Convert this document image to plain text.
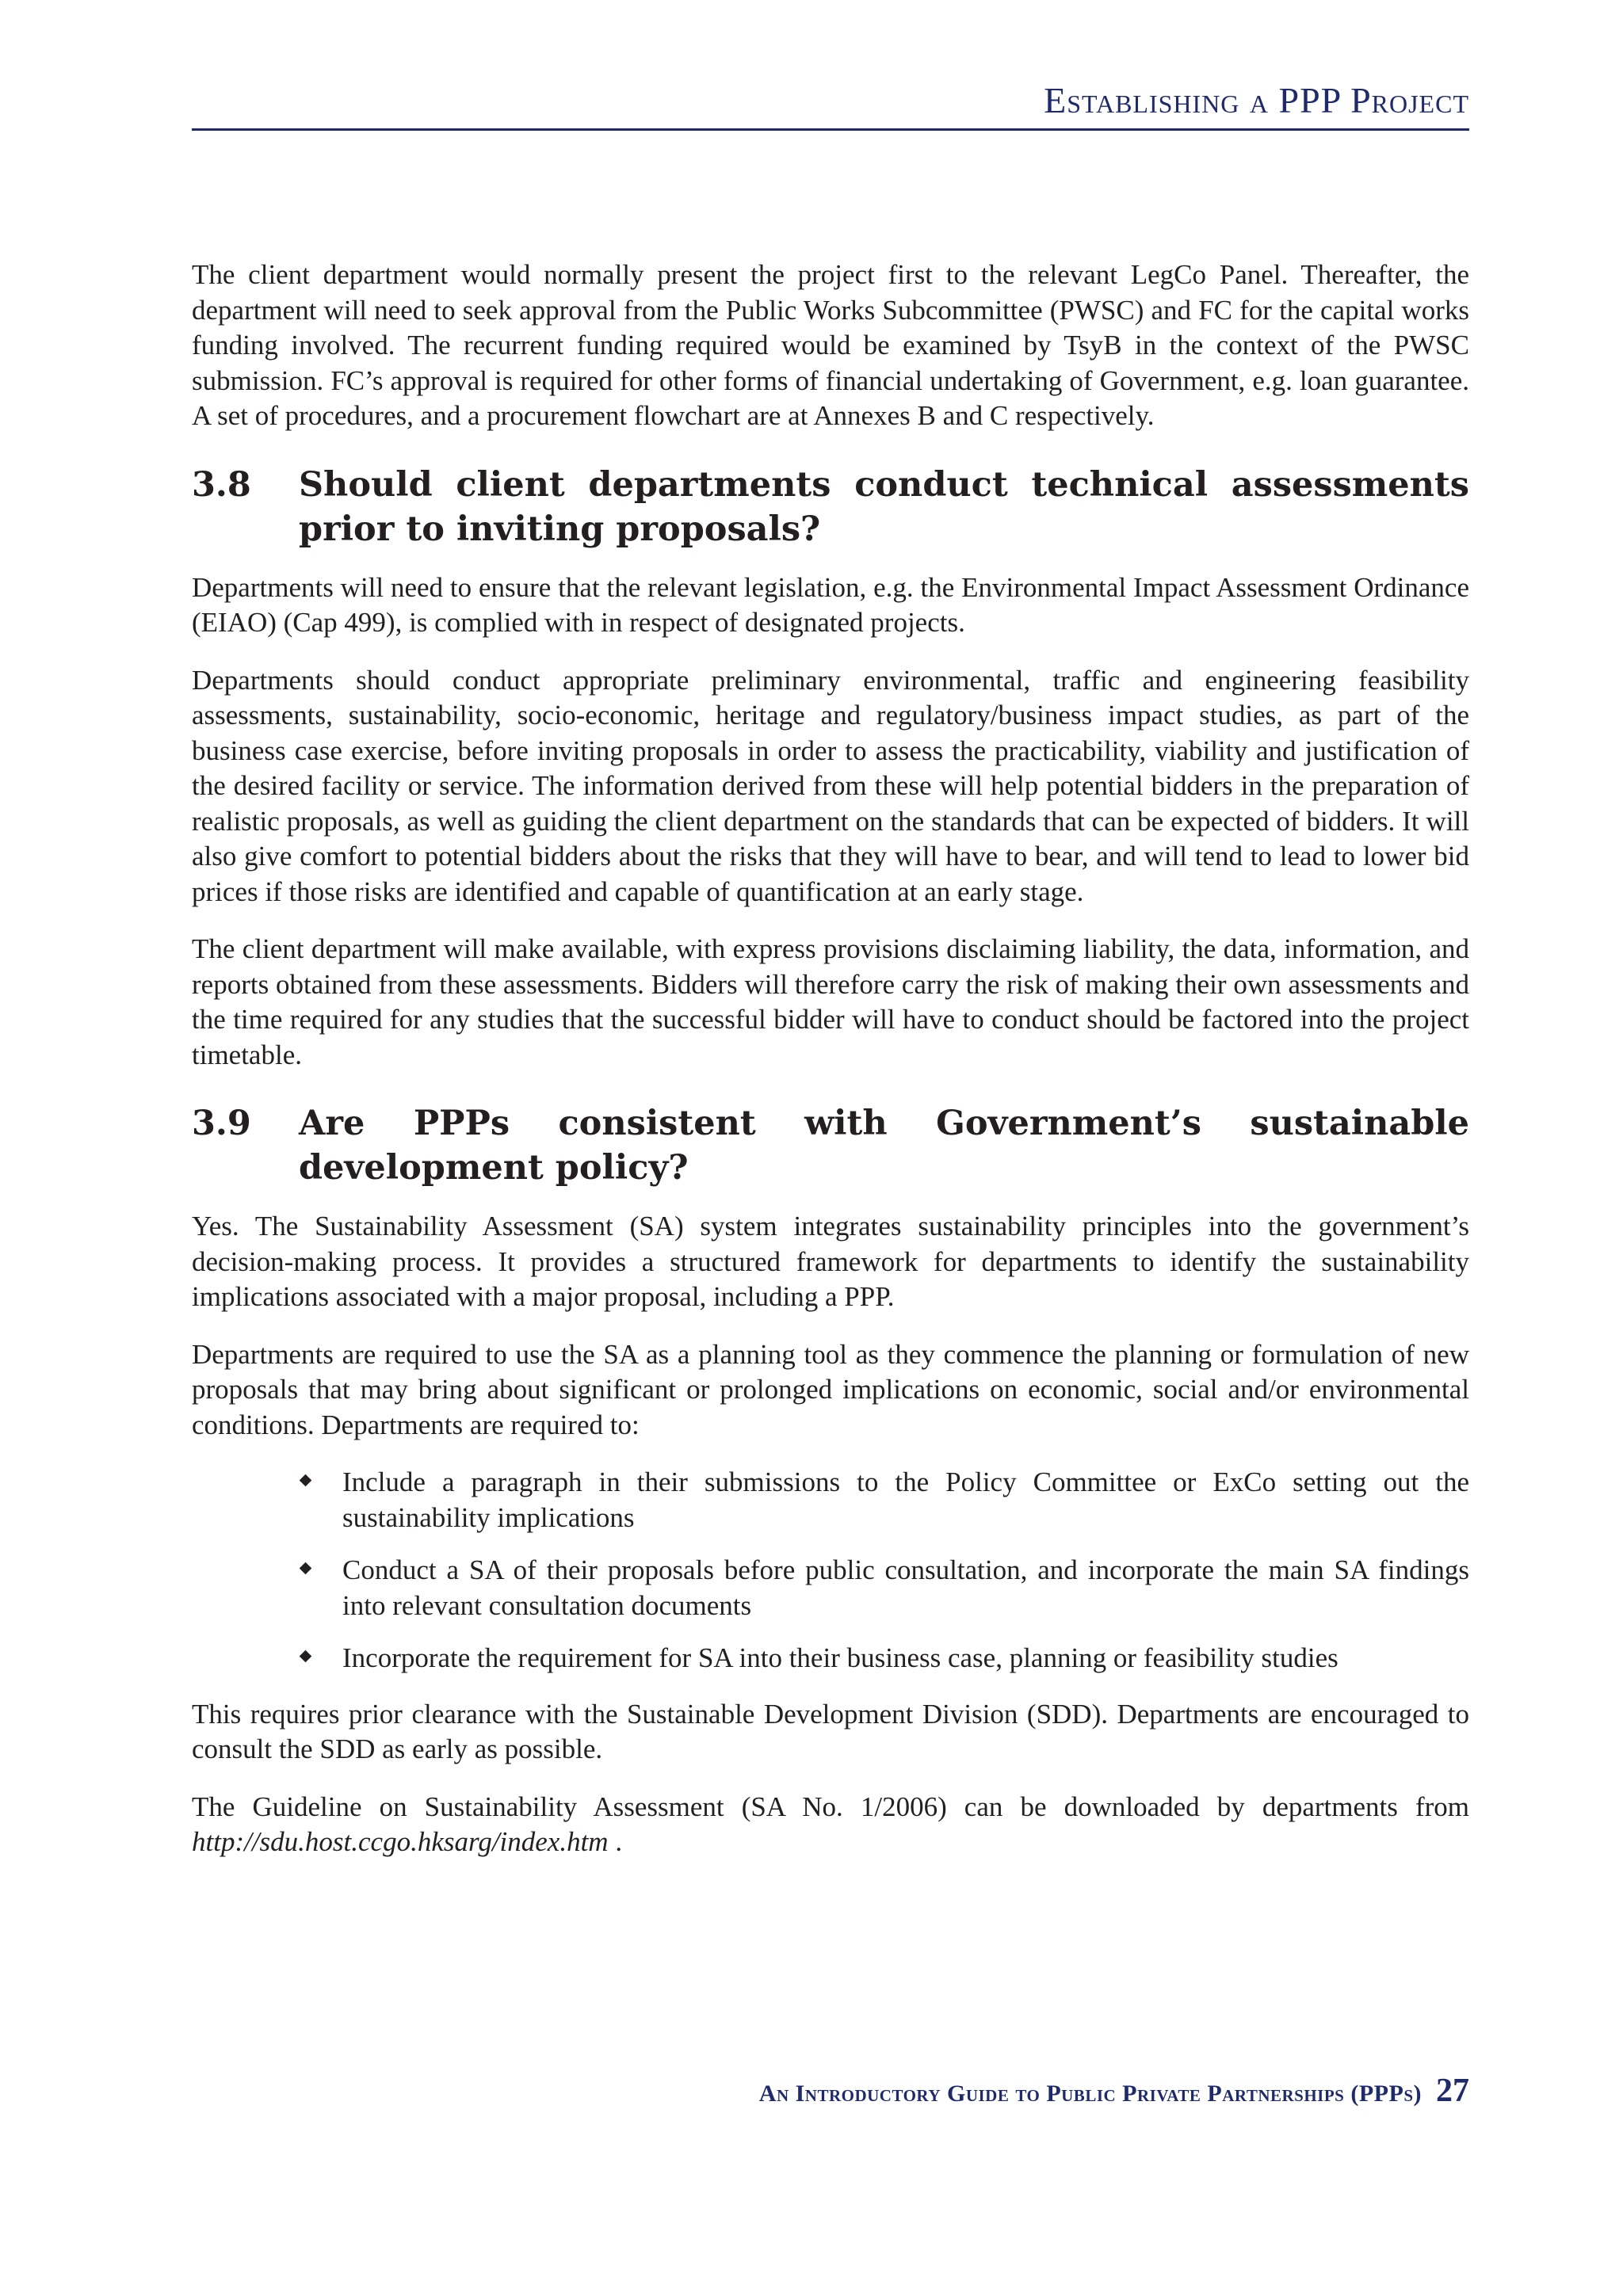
Establishing a PPP Project

The client department would normally present the project first to the relevant LegCo Panel. Thereafter, the department will need to seek approval from the Public Works Subcommittee (PWSC) and FC for the capital works funding involved. The recurrent funding required would be examined by TsyB in the context of the PWSC submission. FC’s approval is required for other forms of financial undertaking of Government, e.g. loan guarantee. A set of procedures, and a procurement flowchart are at Annexes B and C respectively.

3.8	Should client departments conduct technical assessments prior to inviting proposals?

Departments will need to ensure that the relevant legislation, e.g. the Environmental Impact Assessment Ordinance (EIAO) (Cap 499), is complied with in respect of designated projects.

Departments should conduct appropriate preliminary environmental, traffic and engineering feasibility assessments, sustainability, socio-economic, heritage and regulatory/business impact studies, as part of the business case exercise, before inviting proposals in order to assess the practicability, viability and justification of the desired facility or service. The information derived from these will help potential bidders in the preparation of realistic proposals, as well as guiding the client department on the standards that can be expected of bidders. It will also give comfort to potential bidders about the risks that they will have to bear, and will tend to lead to lower bid prices if those risks are identified and capable of quantification at an early stage.

The client department will make available, with express provisions disclaiming liability, the data, information, and reports obtained from these assessments. Bidders will therefore carry the risk of making their own assessments and the time required for any studies that the successful bidder will have to conduct should be factored into the project timetable.

3.9	Are PPPs consistent with Government’s sustainable development policy?

Yes. The Sustainability Assessment (SA) system integrates sustainability principles into the government’s decision-making process. It provides a structured framework for departments to identify the sustainability implications associated with a major proposal, including a PPP.

Departments are required to use the SA as a planning tool as they commence the planning or formulation of new proposals that may bring about significant or prolonged implications on economic, social and/or environmental conditions. Departments are required to:

Include a paragraph in their submissions to the Policy Committee or ExCo setting out the sustainability implications
Conduct a SA of their proposals before public consultation, and incorporate the main SA findings into relevant consultation documents
Incorporate the requirement for SA into their business case, planning or feasibility studies

This requires prior clearance with the Sustainable Development Division (SDD). Departments are encouraged to consult the SDD as early as possible.

The Guideline on Sustainability Assessment (SA No. 1/2006) can be downloaded by departments from http://sdu.host.ccgo.hksarg/index.htm .

An Introductory Guide to Public Private Partnerships (PPPs) 27
